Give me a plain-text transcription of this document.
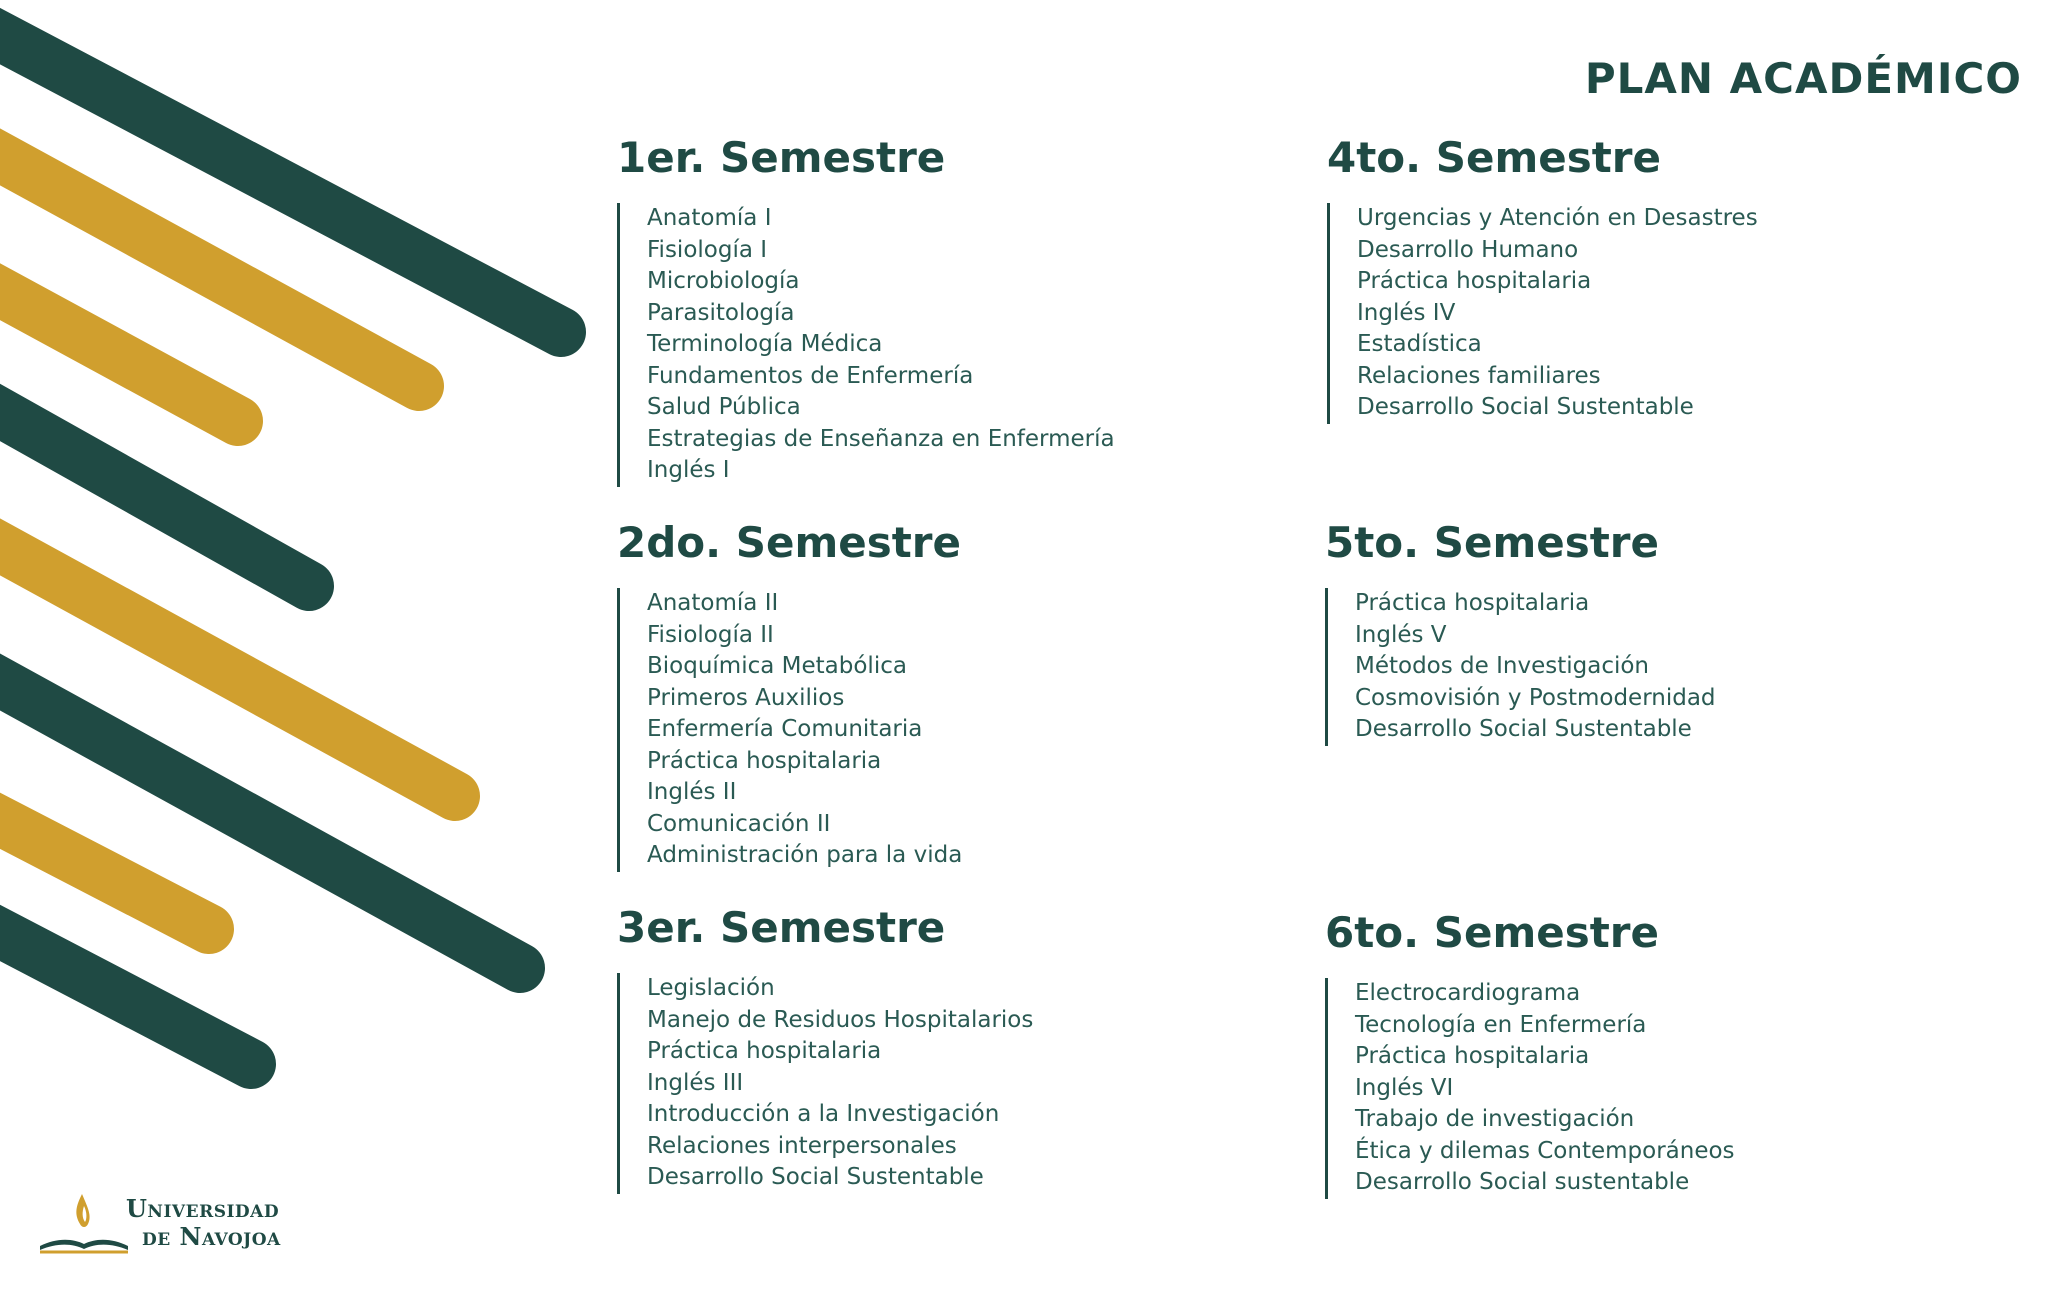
PLAN ACADÉMICO
1er. Semestre
Anatomía I
Fisiología I
Microbiología
Parasitología
Terminología Médica
Fundamentos de Enfermería
Salud Pública
Estrategias de Enseñanza en Enfermería
Inglés I
2do. Semestre
Anatomía II
Fisiología II
Bioquímica Metabólica
Primeros Auxilios
Enfermería Comunitaria
Práctica hospitalaria
Inglés II
Comunicación II
Administración para la vida
3er. Semestre
Legislación
Manejo de Residuos Hospitalarios
Práctica hospitalaria
Inglés III
Introducción a la Investigación
Relaciones interpersonales
Desarrollo Social Sustentable
4to. Semestre
Urgencias y Atención en Desastres
Desarrollo Humano
Práctica hospitalaria
Inglés IV
Estadística
Relaciones familiares
Desarrollo Social Sustentable
5to. Semestre
Práctica hospitalaria
Inglés V
Métodos de Investigación
Cosmovisión y Postmodernidad
Desarrollo Social Sustentable
6to. Semestre
Electrocardiograma
Tecnología en Enfermería
Práctica hospitalaria
Inglés VI
Trabajo de investigación
Ética y dilemas Contemporáneos
Desarrollo Social sustentable
Universidad
de Navojoa
